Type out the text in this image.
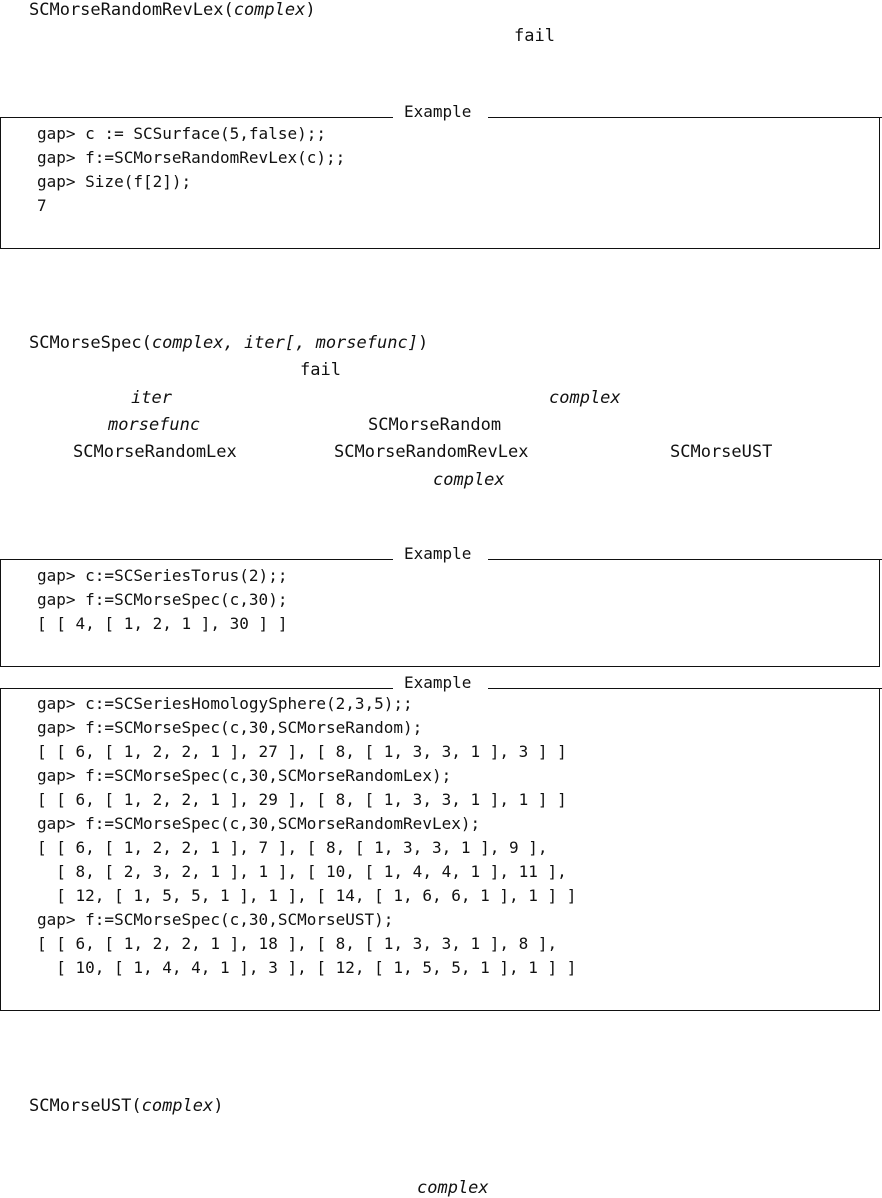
SCMorseRandomRevLex(complex)
fail
Example
gap> c := SCSurface(5,false);;
gap> f:=SCMorseRandomRevLex(c);;
gap> Size(f[2]);
7
SCMorseSpec(complex, iter[, morsefunc])
fail
iter	complex
morsefunc	SCMorseRandom
SCMorseRandomLex	SCMorseRandomRevLex	SCMorseUST
complex
Example
gap> c:=SCSeriesTorus(2);;
gap> f:=SCMorseSpec(c,30);
[ [ 4, [ 1, 2, 1 ], 30 ] ]
Example
gap> c:=SCSeriesHomologySphere(2,3,5);;
gap> f:=SCMorseSpec(c,30,SCMorseRandom);
[ [ 6, [ 1, 2, 2, 1 ], 27 ], [ 8, [ 1, 3, 3, 1 ], 3 ] ]
gap> f:=SCMorseSpec(c,30,SCMorseRandomLex);
[ [ 6, [ 1, 2, 2, 1 ], 29 ], [ 8, [ 1, 3, 3, 1 ], 1 ] ]
gap> f:=SCMorseSpec(c,30,SCMorseRandomRevLex);
[ [ 6, [ 1, 2, 2, 1 ], 7 ], [ 8, [ 1, 3, 3, 1 ], 9 ],
[ 8, [ 2, 3, 2, 1 ], 1 ], [ 10, [ 1, 4, 4, 1 ], 11 ],
[ 12, [ 1, 5, 5, 1 ], 1 ], [ 14, [ 1, 6, 6, 1 ], 1 ] ]
gap> f:=SCMorseSpec(c,30,SCMorseUST);
[ [ 6, [ 1, 2, 2, 1 ], 18 ], [ 8, [ 1, 3, 3, 1 ], 8 ],
[ 10, [ 1, 4, 4, 1 ], 3 ], [ 12, [ 1, 5, 5, 1 ], 1 ] ]
SCMorseUST(complex)
complex
